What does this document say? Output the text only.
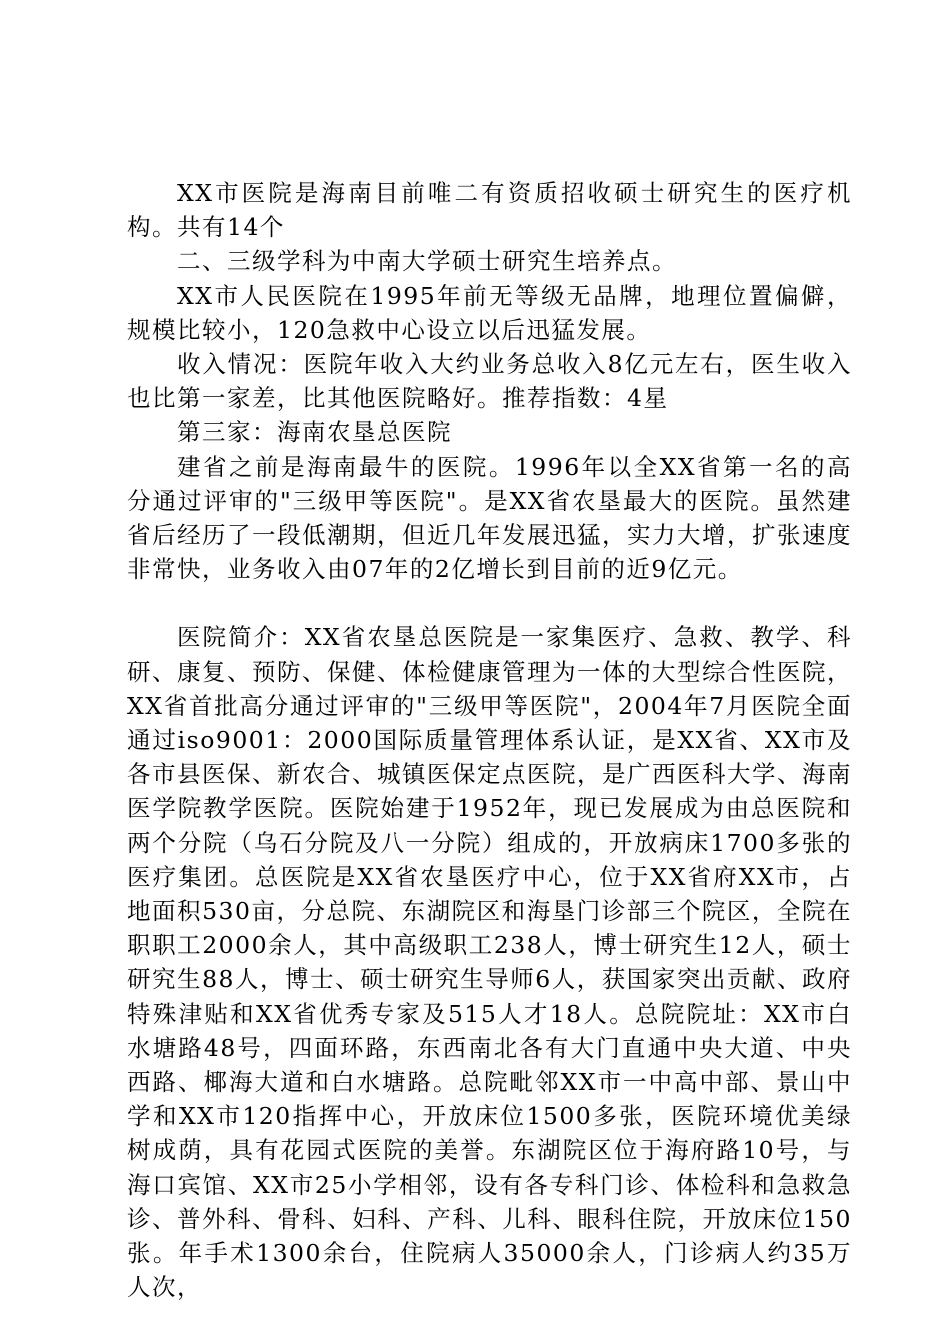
XX市医院是海南目前唯二有资质招收硕士研究生的医疗机构。共有14个

二、三级学科为中南大学硕士研究生培养点。

XX市人民医院在1995年前无等级无品牌，地理位置偏僻，规模比较小，120急救中心设立以后迅猛发展。

收入情况：医院年收入大约业务总收入8亿元左右，医生收入也比第一家差，比其他医院略好。推荐指数：4星

第三家：海南农垦总医院

建省之前是海南最牛的医院。1996年以全XX省第一名的高分通过评审的"三级甲等医院"。是XX省农垦最大的医院。虽然建省后经历了一段低潮期，但近几年发展迅猛，实力大增，扩张速度非常快，业务收入由07年的2亿增长到目前的近9亿元。

医院简介：XX省农垦总医院是一家集医疗、急救、教学、科研、康复、预防、保健、体检健康管理为一体的大型综合性医院，XX省首批高分通过评审的"三级甲等医院"，2004年7月医院全面通过iso9001：2000国际质量管理体系认证，是XX省、XX市及各市县医保、新农合、城镇医保定点医院，是广西医科大学、海南医学院教学医院。医院始建于1952年，现已发展成为由总医院和两个分院（乌石分院及八一分院）组成的，开放病床1700多张的医疗集团。总医院是XX省农垦医疗中心，位于XX省府XX市，占地面积530亩，分总院、东湖院区和海垦门诊部三个院区，全院在职职工2000余人，其中高级职工238人，博士研究生12人，硕士研究生88人，博士、硕士研究生导师6人，获国家突出贡献、政府特殊津贴和XX省优秀专家及515人才18人。总院院址：XX市白水塘路48号，四面环路，东西南北各有大门直通中央大道、中央西路、椰海大道和白水塘路。总院毗邻XX市一中高中部、景山中学和XX市120指挥中心，开放床位1500多张，医院环境优美绿树成荫，具有花园式医院的美誉。东湖院区位于海府路10号，与海口宾馆、XX市25小学相邻，设有各专科门诊、体检科和急救急诊、普外科、骨科、妇科、产科、儿科、眼科住院，开放床位150张。年手术1300余台，住院病人35000余人，门诊病人约35万人次，
